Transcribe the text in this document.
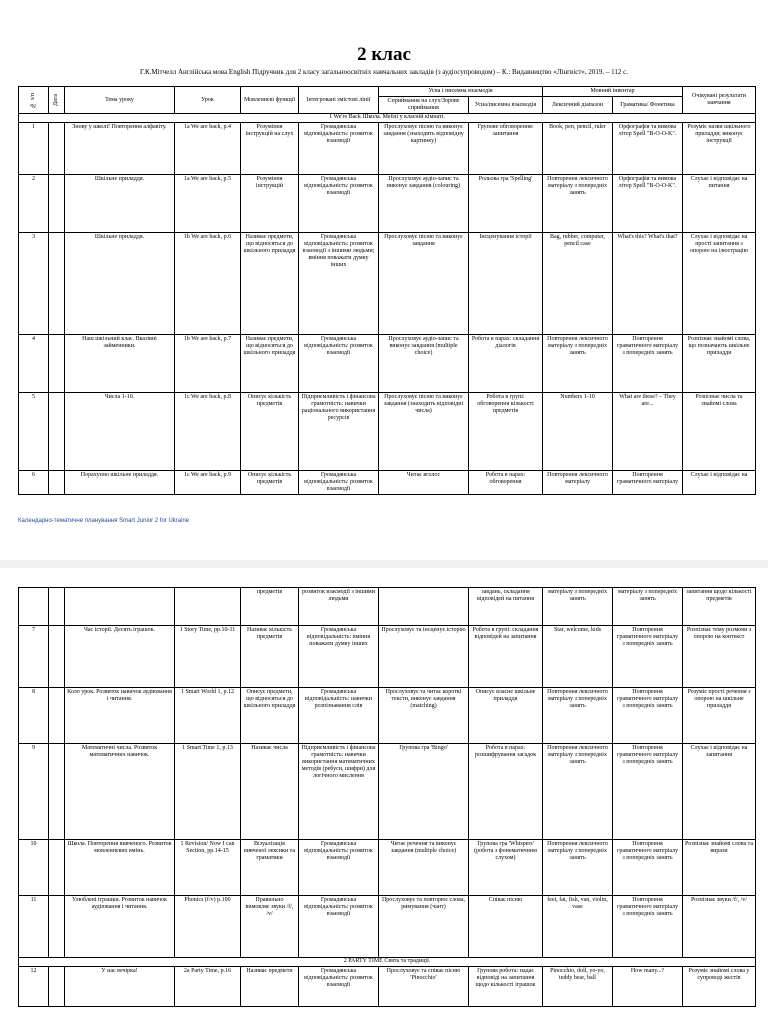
2 клас
Г.К.Мітчелл Англійська мова English Підручник для 2 класу загальноосвітніх навчальних закладів (з аудіосупроводом) – К.: Видавництво «Лінгвіст», 2019. – 112 с.
№ з/п	Дата	Тема уроку	Урок	Мовленнєві функції	Інтегровані змістові лінії	Усна і писемна взаємодія		Мовний інвентар		Очікувані результати навчання
						Сприймання на слух/Зорове сприймання	Усна/писемна взаємодія	Лексичний діапазон	Граматика/ Фонетика	
1 We're Back Школа. Меблі у класній кімнаті.										
1		Знову у школі! Повторення алфавіту.	1a We are back, p.4	Розуміння інструкцій на слух	Громадянська відповідальність: розвиток взаємодії	Прослуховує пісню та виконує завдання (знаходить відповідну картинку)	Групове обговорення: запитання	Book, pen, pencil, ruler	Орфографія та вимова літер Spell "B-O-O-K".	Розуміє назви шкільного приладдя; виконує інструкції
2		Шкільне приладдя.	1a We are back, p.5	Розуміння інструкцій	Громадянська відповідальність: розвиток взаємодії	Прослуховує аудіо-запис та виконує завдання (colouring)	Рольова гра 'Spelling'	Повторення лексичного матеріалу з попередніх занять	Орфографія та вимова літер Spell "B-O-O-K".	Слухає і відповідає на питання
3		Шкільне приладдя.	1b We are back, p.6	Називає предмети, що відносяться до шкільного приладдя	Громадянська відповідальність: розвиток взаємодії з іншими людьми; вміння поважати думку інших	Прослуховує пісню та виконує завдання	Інсценування історії	Bag, rubber, computer, pencil case	What's this? What's that?	Слухає і відповідає на прості запитання з опорою на ілюстрацію
4		Наш шкільний клас. Вказівні займенники.	1b We are back, p.7	Називає предмети, що відносяться до шкільного приладдя	Громадянська відповідальність: розвиток взаємодії	Прослуховує аудіо-запис та виконує завдання (multiple choice)	Робота в парах: складання діалогів	Повторення лексичного матеріалу з попередніх занять	Повторення граматичного матеріалу з попередніх занять	Розпізнає знайомі слова, що позначають шкільне приладдя
5		Числа 1-10.	1c We are back, p.8	Описує кількість предметів	Підприємливість і фінансова грамотність: навички раціонального використання ресурсів	Прослуховує пісню та виконує завдання (знаходить відповідні числа)	Робота в групі: обговорення кількості предметів	Numbers 1-10	What are these? – They are...	Розпізнає числа та знайомі слова
6		Порахуємо шкільне приладдя.	1c We are back, p.9	Описує кількість предметів	Громадянська відповідальність: розвиток взаємодії	Читає вголос	Робота в парах: обговорення	Повторення лексичного матеріалу	Повторення граматичного матеріалу	Слухає і відповідає на
Календарно-тематичне планування Smart Junior 2 for Ukraine
				предметів	розвиток взаємодії з іншими людьми		завдань, складання відповідей на питання	матеріалу з попередніх занять	матеріалу з попередніх занять	запитання щодо кількості предметів
7		Час історії. Десять іграшок.	1 Story Time, pp.10-11	Називає кількість предметів	Громадянська відповідальність: вміння поважати думку інших	Прослуховує та інсценує історію	Робота в групі: складання відповідей на запитання	Star, welcome, kids	Повторення граматичного матеріалу з попередніх занять	Розпізнає тему розмови з опорою на контекст
8		Коло урок. Розвиток навичок аудіювання і читання.	1 Smart World 1, p.12	Описує предмети, що відносяться до шкільного приладдя	Громадянська відповідальність: навички розпізнавання слів	Прослуховує та читає короткі тексти, виконує завдання (matching)	Описує власне шкільне приладдя	Повторення лексичного матеріалу з попередніх занять	Повторення граматичного матеріалу з попередніх занять	Розуміє прості речення з опорою на шкільне приладдя
9		Математичні числа. Розвиток математичних навичок.	1 Smart Time 1, p.13	Називає числа	Підприємливість і фінансова грамотність: навички використання математичних методів (ребуси, шифри) для логічного мислення	Групова гра 'Bingo'	Робота в парах: розшифрування загадок	Повторення лексичного матеріалу з попередніх занять	Повторення граматичного матеріалу з попередніх занять	Слухає і відповідає на запитання
10		Школа. Повторення вивченого. Розвиток мовленнєвих вмінь.	1 Revision/ Now I can Section, pp.14-15	Візуалізація вивченої лексики та граматики	Громадянська відповідальність: розвиток взаємодії	Читає речення та виконує завдання (multiple choice)	Групова гра 'Whispers' (робота з фонематичним слухом)	Повторення лексичного матеріалу з попередніх занять	Повторення граматичного матеріалу з попередніх занять	Розпізнає знайомі слова та вирази
11		Улюблені іграшки. Розвиток навичок аудіювання і читання.	Phonics (f/v) p.100	Правильно вимовляє звуки /f/, /v/	Громадянська відповідальність: розвиток взаємодії	Прослуховує та повторює слова, римування (чант)	Співає пісню	feet, fat, fish, van, violin, vase	Повторення граматичного матеріалу з попередніх занять	Розпізнає звуки /f/, /v/
2 PARTY TIME Свята та традиції.										
12		У нас вечірка!	2a Party Time, p.16	Називає предмети	Громадянська відповідальність: розвиток взаємодії	Прослуховує та співає пісню 'Pinocchio'	Групова робота: надає відповіді на запитання щодо кількості іграшок	Pinocchio, doll, yo-yo, teddy bear, ball	How many...?	Розуміє знайомі слова у супроводі жестів
